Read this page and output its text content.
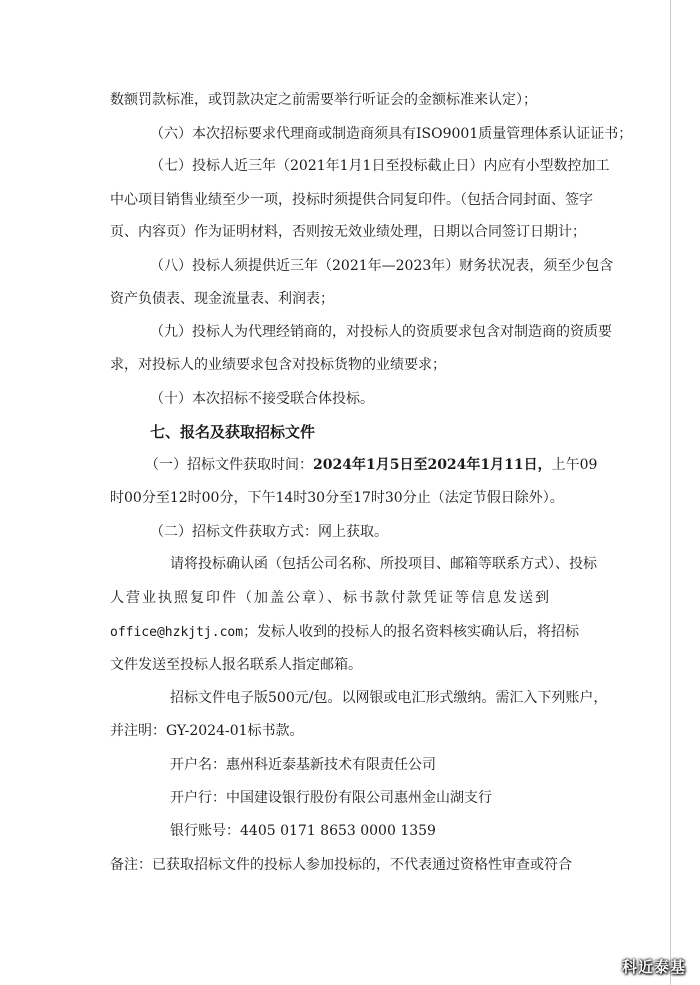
数额罚款标准，或罚款决定之前需要举行听证会的金额标准来认定）；
（六）本次招标要求代理商或制造商须具有ISO9001质量管理体系认证证书；
（七）投标人近三年（2021年1月1日至投标截止日）内应有小型数控加工
中心项目销售业绩至少一项，投标时须提供合同复印件。（包括合同封面、签字
页、内容页）作为证明材料，否则按无效业绩处理，日期以合同签订日期计；
（八）投标人须提供近三年（2021年—2023年）财务状况表，须至少包含
资产负债表、现金流量表、利润表；
（九）投标人为代理经销商的，对投标人的资质要求包含对制造商的资质要
求，对投标人的业绩要求包含对投标货物的业绩要求；
（十）本次招标不接受联合体投标。
七、报名及获取招标文件
（一）招标文件获取时间：2024年1月5日至2024年1月11日，上午09
时00分至12时00分，下午14时30分至17时30分止（法定节假日除外）。
（二）招标文件获取方式：网上获取。
请将投标确认函（包括公司名称、所投项目、邮箱等联系方式）、投标
人营业执照复印件（加盖公章）、标书款付款凭证等信息发送到
office@hzkjtj.com；发标人收到的投标人的报名资料核实确认后，将招标
文件发送至投标人报名联系人指定邮箱。
招标文件电子版500元/包。以网银或电汇形式缴纳。需汇入下列账户，
并注明：GY-2024-01标书款。
开户名：惠州科近泰基新技术有限责任公司
开户行：中国建设银行股份有限公司惠州金山湖支行
银行账号：4405 0171 8653 0000 1359
备注：已获取招标文件的投标人参加投标的，不代表通过资格性审查或符合
科近泰基
